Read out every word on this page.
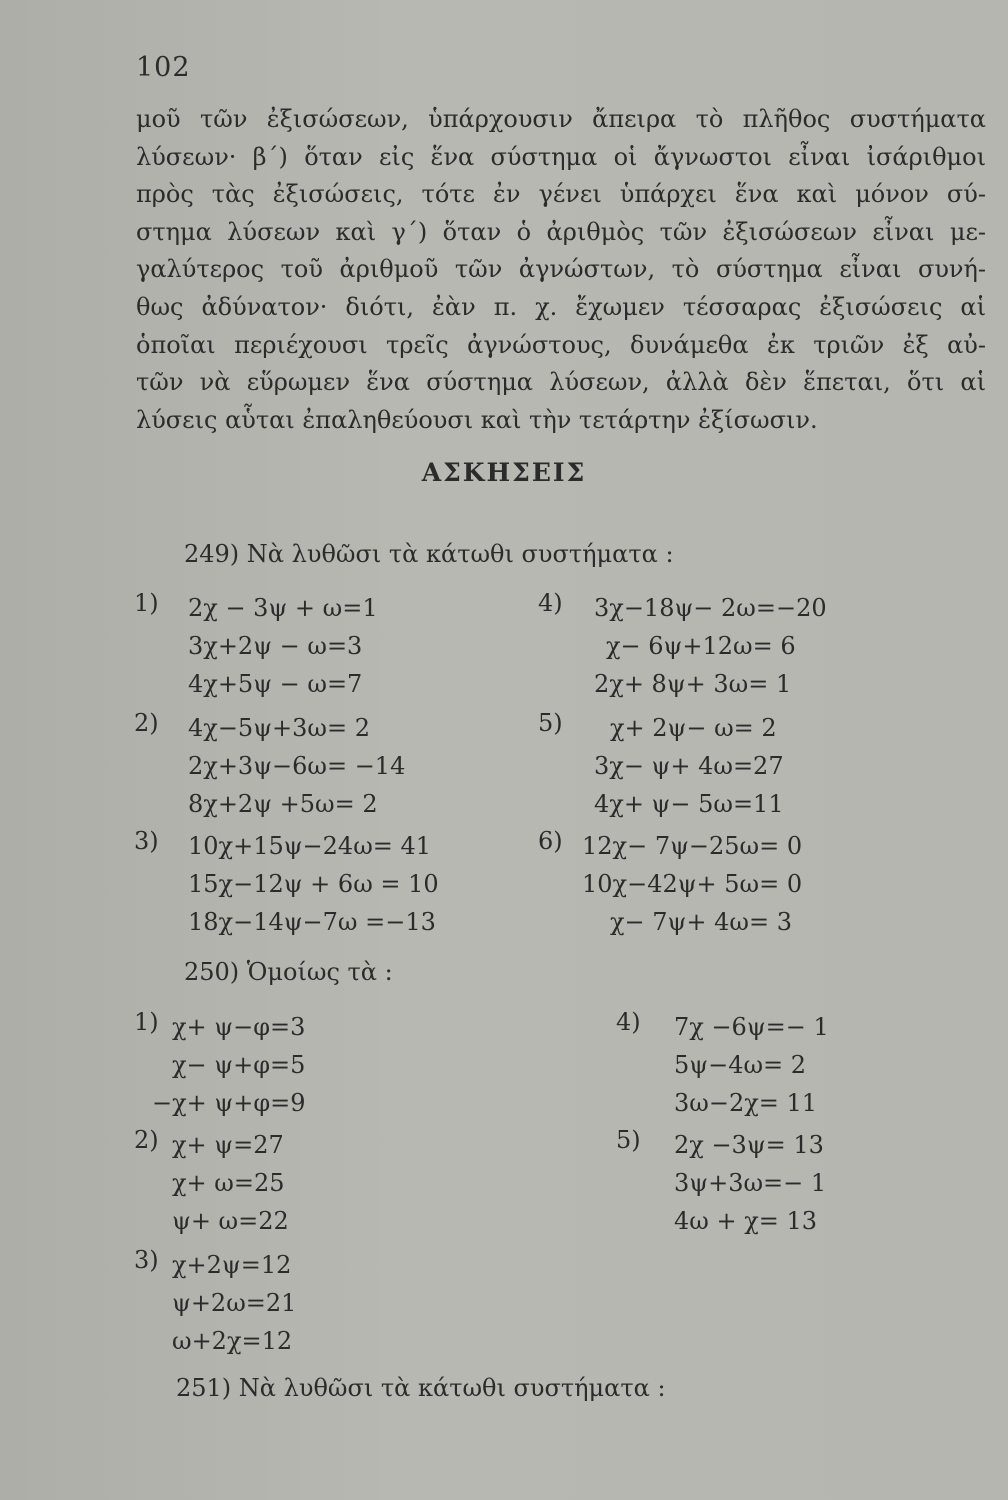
102
μοῦ τῶν ἐξισώσεων, ὑπάρχουσιν ἄπειρα τὸ πλῆθος συστήματα
λύσεων· β΄) ὅταν εἰς ἕνα σύστημα οἱ ἄγνωστοι εἶναι ἰσάριθμοι
πρὸς τὰς ἐξισώσεις, τότε ἐν γένει ὑπάρχει ἕνα καὶ μόνον σύ-
στημα λύσεων καὶ γ΄) ὅταν ὁ ἀριθμὸς τῶν ἐξισώσεων εἶναι με-
γαλύτερος τοῦ ἀριθμοῦ τῶν ἀγνώστων, τὸ σύστημα εἶναι συνή-
θως ἀδύνατον· διότι, ἐὰν π. χ. ἔχωμεν τέσσαρας ἐξισώσεις αἱ
ὁποῖαι περιέχουσι τρεῖς ἀγνώστους, δυνάμεθα ἐκ τριῶν ἐξ αὐ-
τῶν νὰ εὕρωμεν ἕνα σύστημα λύσεων, ἀλλὰ δὲν ἕπεται, ὅτι αἱ
λύσεις αὗται ἐπαληθεύουσι καὶ τὴν τετάρτην ἐξίσωσιν.
ΑΣΚΗΣΕΙΣ
249) Νὰ λυθῶσι τὰ κάτωθι συστήματα :
1) 2χ − 3ψ + ω=1
3χ+2ψ − ω=3
4χ+5ψ − ω=7
2) 4χ−5ψ+3ω= 2
2χ+3ψ−6ω= −14
8χ+2ψ +5ω= 2
3) 10χ+15ψ−24ω= 41
15χ−12ψ + 6ω = 10
18χ−14ψ−7ω =−13
4) 3χ−18ψ− 2ω=−20
χ− 6ψ+12ω= 6
2χ+ 8ψ+ 3ω= 1
5)	χ+ 2ψ− ω= 2
3χ− ψ+ 4ω=27
4χ+ ψ− 5ω=11
6) 12χ− 7ψ−25ω= 0
10χ−42ψ+ 5ω= 0
χ− 7ψ+ 4ω= 3
250) Ὁμοίως τὰ :
1) χ+ ψ−φ=3
χ− ψ+φ=5
−χ+ ψ+φ=9
2) χ+ ψ=27
χ+ ω=25
ψ+ ω=22
3) χ+2ψ=12
ψ+2ω=21
ω+2χ=12
4) 7χ −6ψ=− 1
5ψ−4ω= 2
3ω−2χ= 11
5) 2χ −3ψ= 13
3ψ+3ω=− 1
4ω + χ= 13
251) Νὰ λυθῶσι τὰ κάτωθι συστήματα :
